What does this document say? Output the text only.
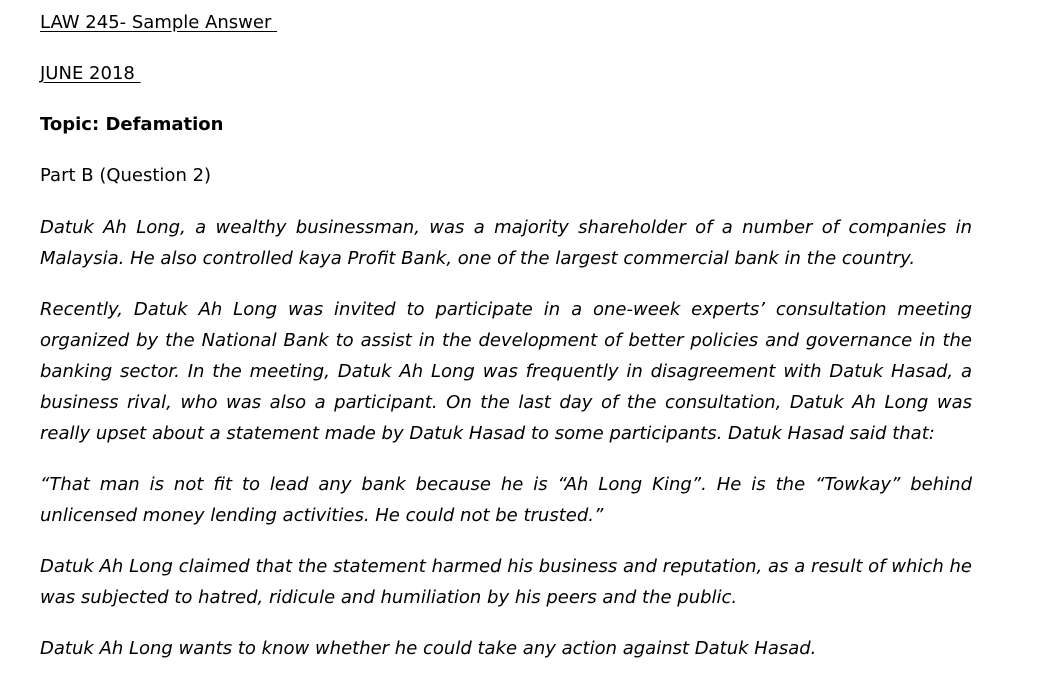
LAW 245- Sample Answer

JUNE 2018

Topic: Defamation

Part B (Question 2)

Datuk Ah Long, a wealthy businessman, was a majority shareholder of a number of companies in Malaysia. He also controlled kaya Profit Bank, one of the largest commercial bank in the country.

Recently, Datuk Ah Long was invited to participate in a one-week experts’ consultation meeting organized by the National Bank to assist in the development of better policies and governance in the banking sector. In the meeting, Datuk Ah Long was frequently in disagreement with Datuk Hasad, a business rival, who was also a participant. On the last day of the consultation, Datuk Ah Long was really upset about a statement made by Datuk Hasad to some participants. Datuk Hasad said that:

“That man is not fit to lead any bank because he is “Ah Long King”. He is the “Towkay” behind unlicensed money lending activities. He could not be trusted.”

Datuk Ah Long claimed that the statement harmed his business and reputation, as a result of which he was subjected to hatred, ridicule and humiliation by his peers and the public.

Datuk Ah Long wants to know whether he could take any action against Datuk Hasad.
